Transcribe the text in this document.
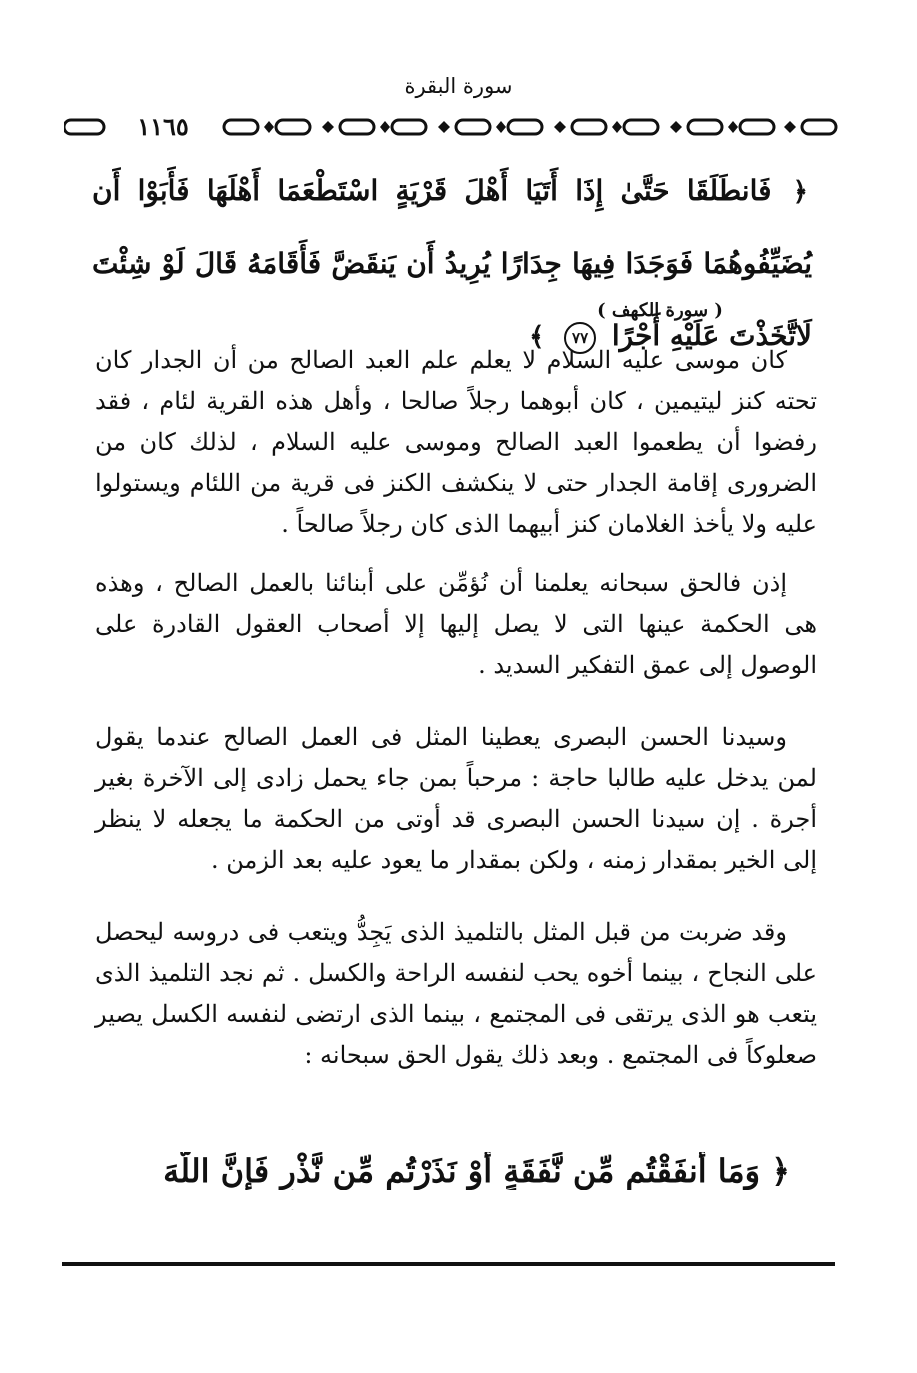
سورة البقرة
١١٦٥
﴿ فَانطَلَقَا حَتَّىٰ إِذَا أَتَيَا أَهْلَ قَرْيَةٍ اسْتَطْعَمَا أَهْلَهَا فَأَبَوْا أَن يُضَيِّفُوهُمَا فَوَجَدَا فِيهَا جِدَارًا يُرِيدُ أَن يَنقَضَّ فَأَقَامَهُ قَالَ لَوْ شِئْتَ لَاتَّخَذْتَ عَلَيْهِ أَجْرًا ٧٧ ﴾
( سورة الكهف )
كان موسى عليه السلام لا يعلم علم العبد الصالح من أن الجدار كان تحته كنز ليتيمين ، كان أبوهما رجلاً صالحا ، وأهل هذه القرية لئام ، فقد رفضوا أن يطعموا العبد الصالح وموسى عليه السلام ، لذلك كان من الضرورى إقامة الجدار حتى لا ينكشف الكنز فى قرية من اللئام ويستولوا عليه ولا يأخذ الغلامان كنز أبيهما الذى كان رجلاً صالحاً .
إذن فالحق سبحانه يعلمنا أن نُؤمِّن على أبنائنا بالعمل الصالح ، وهذه هى الحكمة عينها التى لا يصل إليها إلا أصحاب العقول القادرة على الوصول إلى عمق التفكير السديد .
وسيدنا الحسن البصرى يعطينا المثل فى العمل الصالح عندما يقول لمن يدخل عليه طالبا حاجة : مرحباً بمن جاء يحمل زادى إلى الآخرة بغير أجرة . إن سيدنا الحسن البصرى قد أوتى من الحكمة ما يجعله لا ينظر إلى الخير بمقدار زمنه ، ولكن بمقدار ما يعود عليه بعد الزمن .
وقد ضربت من قبل المثل بالتلميذ الذى يَجِدُّ ويتعب فى دروسه ليحصل على النجاح ، بينما أخوه يحب لنفسه الراحة والكسل . ثم نجد التلميذ الذى يتعب هو الذى يرتقى فى المجتمع ، بينما الذى ارتضى لنفسه الكسل يصير صعلوكاً فى المجتمع . وبعد ذلك يقول الحق سبحانه :
﴿ وَمَا أَنفَقْتُم مِّن نَّفَقَةٍ أَوْ نَذَرْتُم مِّن نَّذْرٍ فَإِنَّ اللَّهَ
